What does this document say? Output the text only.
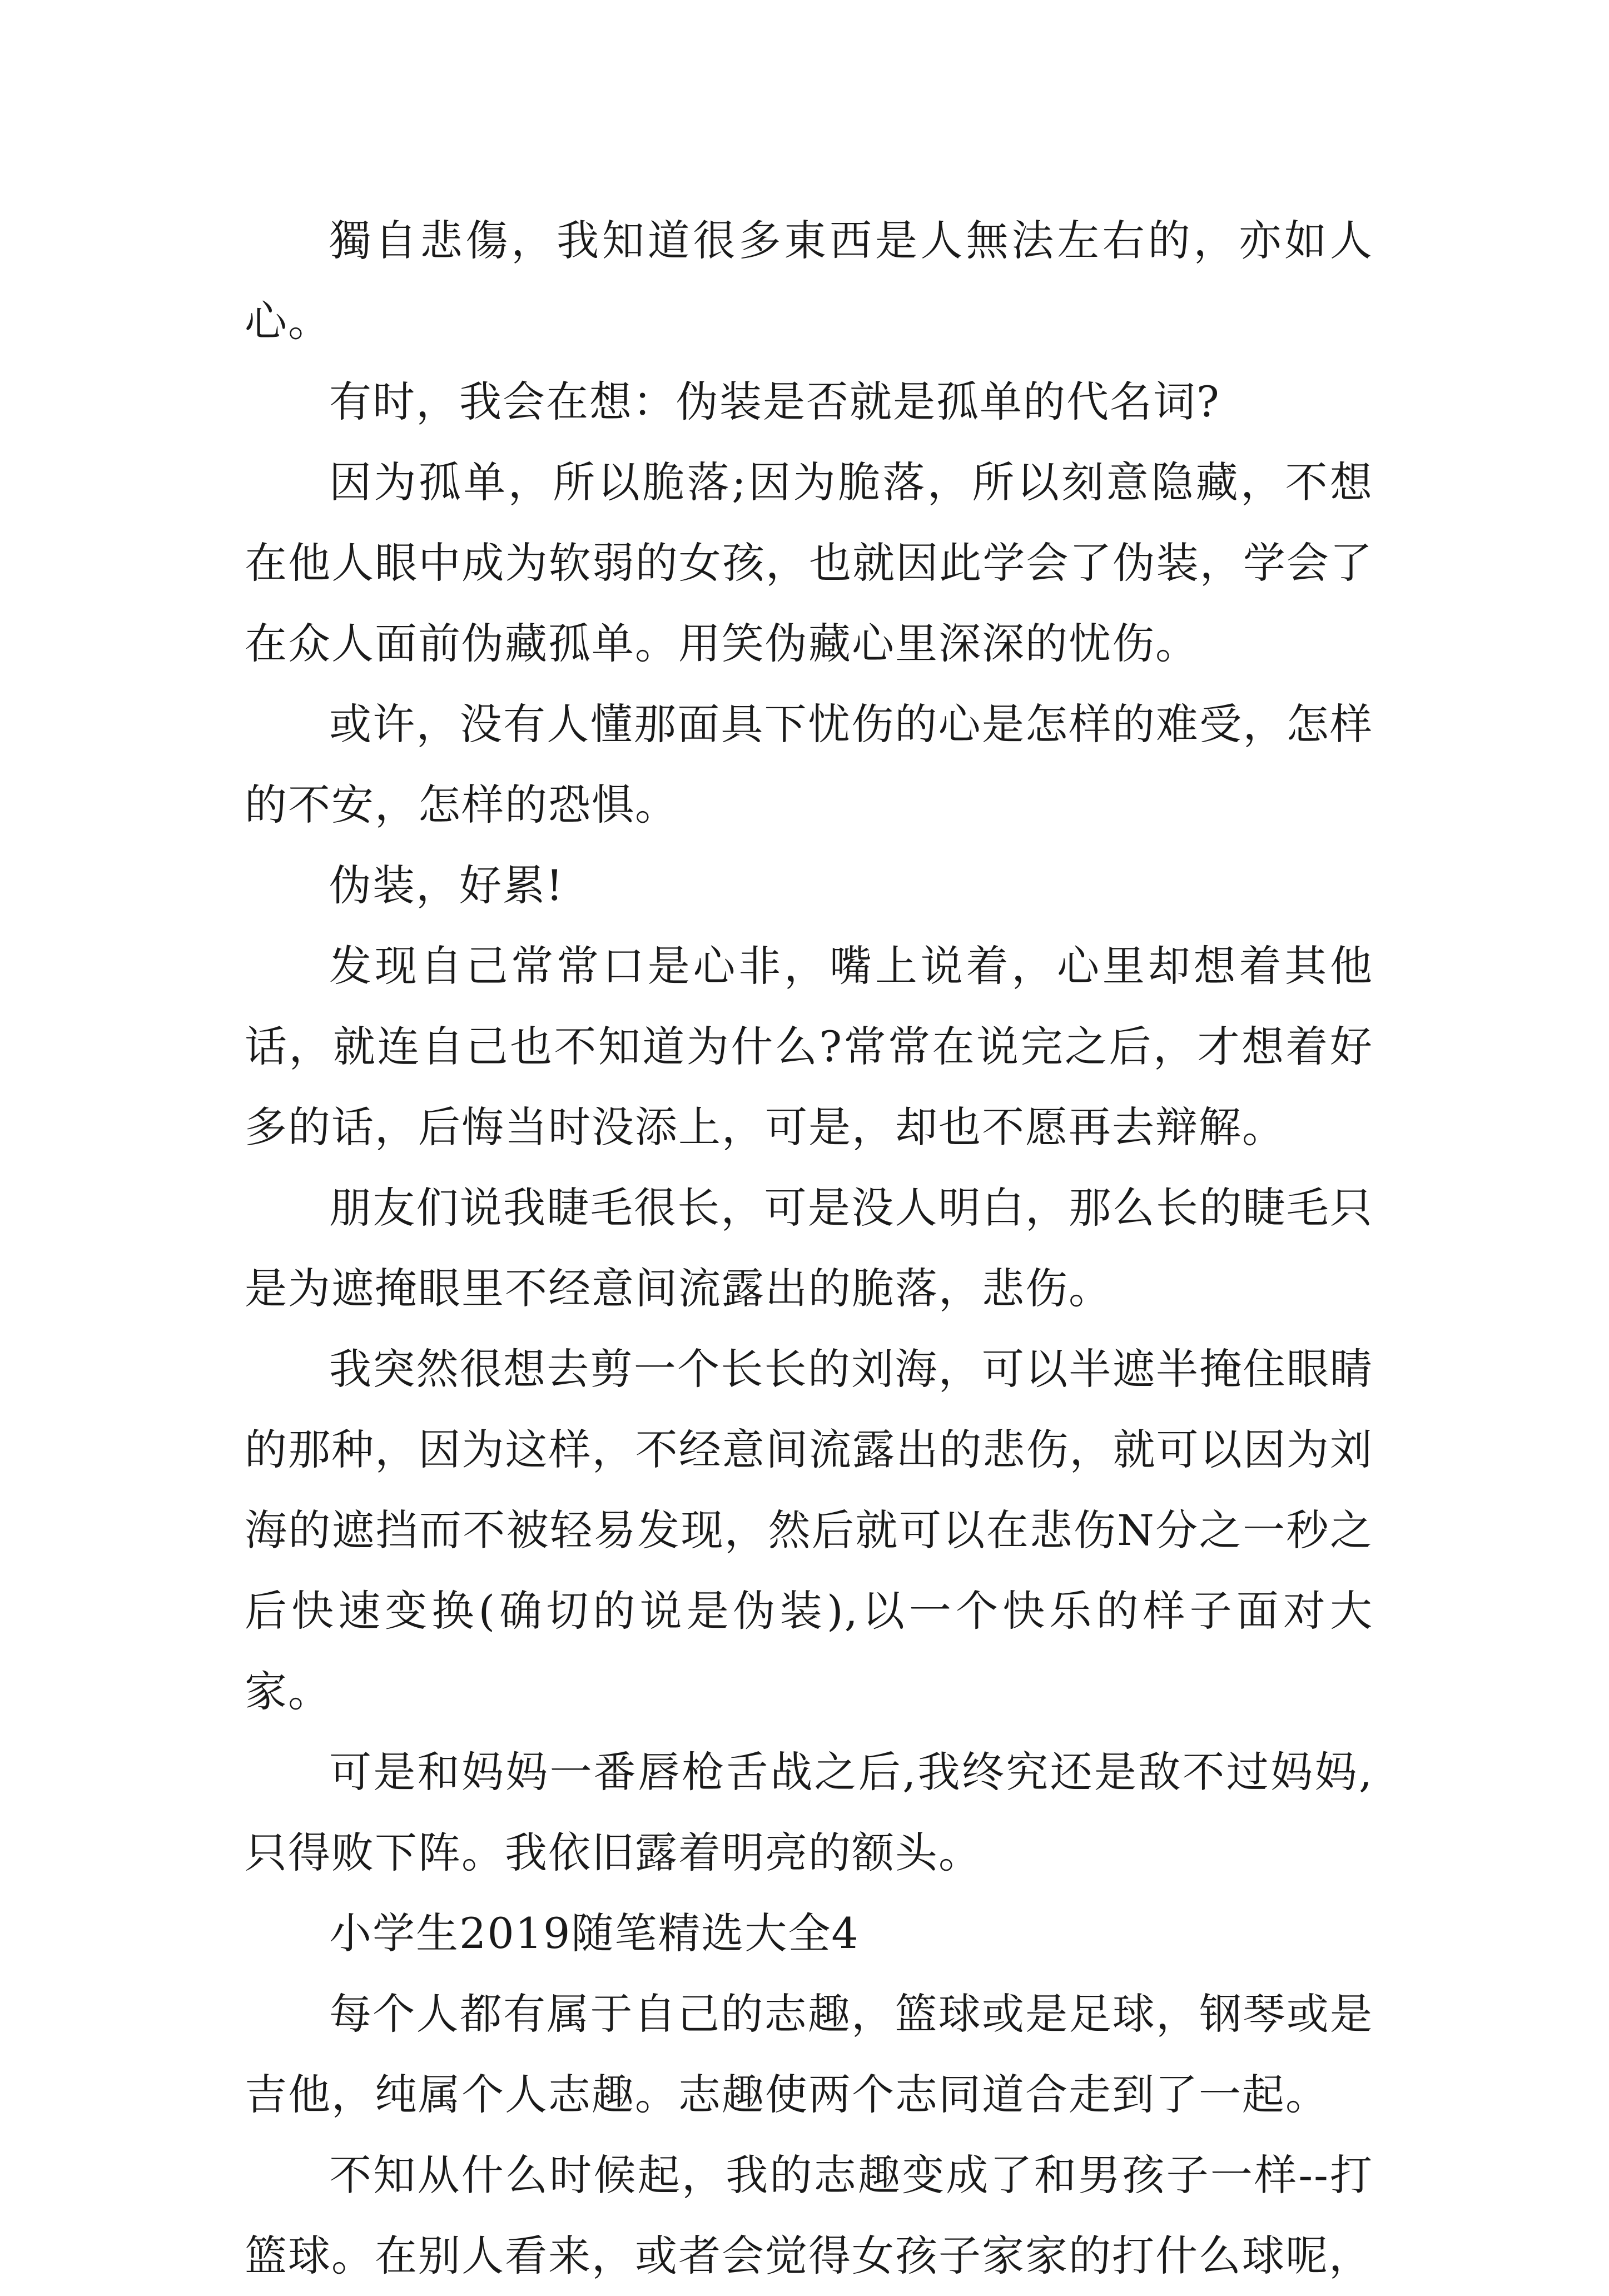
獨自悲傷，我知道很多東西是人無法左右的，亦如人心。

有时，我会在想：伪装是否就是孤单的代名词?

因为孤单，所以脆落;因为脆落，所以刻意隐藏，不想在他人眼中成为软弱的女孩，也就因此学会了伪装，学会了在众人面前伪藏孤单。用笑伪藏心里深深的忧伤。

或许，没有人懂那面具下忧伤的心是怎样的难受，怎样的不安，怎样的恐惧。

伪装，好累!

发现自己常常口是心非，嘴上说着，心里却想着其他话，就连自己也不知道为什么?常常在说完之后，才想着好多的话，后悔当时没添上，可是，却也不愿再去辩解。

朋友们说我睫毛很长，可是没人明白，那么长的睫毛只是为遮掩眼里不经意间流露出的脆落，悲伤。

我突然很想去剪一个长长的刘海，可以半遮半掩住眼睛的那种，因为这样，不经意间流露出的悲伤，就可以因为刘海的遮挡而不被轻易发现，然后就可以在悲伤N分之一秒之后快速变换(确切的说是伪装),以一个快乐的样子面对大家。

可是和妈妈一番唇枪舌战之后,我终究还是敌不过妈妈,只得败下阵。我依旧露着明亮的额头。

小学生2019随笔精选大全4

每个人都有属于自己的志趣，篮球或是足球，钢琴或是吉他，纯属个人志趣。志趣使两个志同道合走到了一起。

不知从什么时候起，我的志趣变成了和男孩子一样--打篮球。在别人看来，或者会觉得女孩子家家的打什么球呢，
